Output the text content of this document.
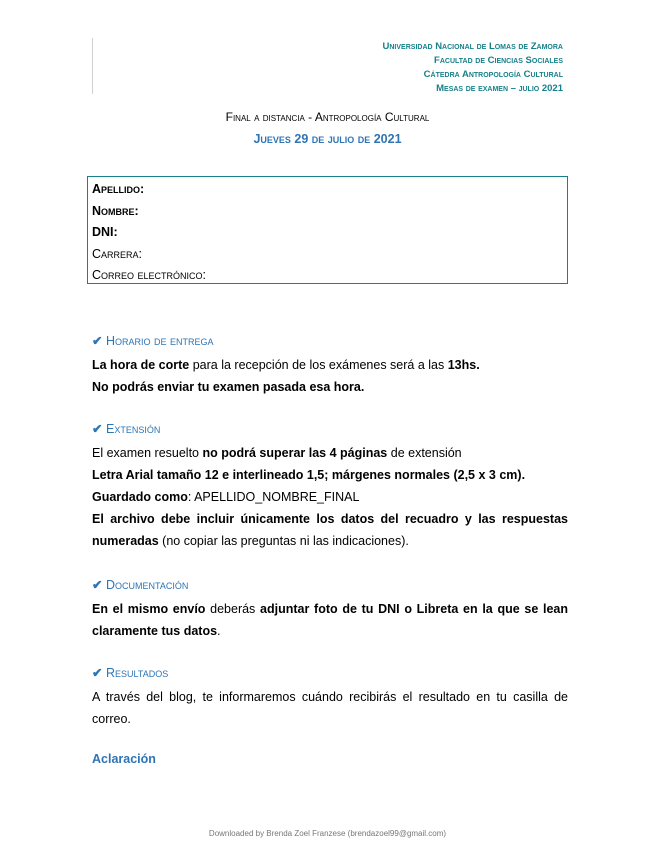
Universidad Nacional de Lomas de Zamora
Facultad de Ciencias Sociales
Cátedra Antropología Cultural
Mesas de examen – julio 2021
Final a distancia - Antropología Cultural
Jueves 29 de julio de 2021
Apellido:
Nombre:
DNI:
Carrera:
Correo electrónico:
✔ Horario de entrega
La hora de corte para la recepción de los exámenes será a las 13hs.
No podrás enviar tu examen pasada esa hora.
✔ Extensión
El examen resuelto no podrá superar las 4 páginas de extensión
Letra Arial tamaño 12 e interlineado 1,5; márgenes normales (2,5 x 3 cm).
Guardado como: APELLIDO_NOMBRE_FINAL
El archivo debe incluir únicamente los datos del recuadro y las respuestas numeradas (no copiar las preguntas ni las indicaciones).
✔ Documentación
En el mismo envío deberás adjuntar foto de tu DNI o Libreta en la que se lean claramente tus datos.
✔ Resultados
A través del blog, te informaremos cuándo recibirás el resultado en tu casilla de correo.
Aclaración
Downloaded by Brenda Zoel Franzese (brendazoel99@gmail.com)
